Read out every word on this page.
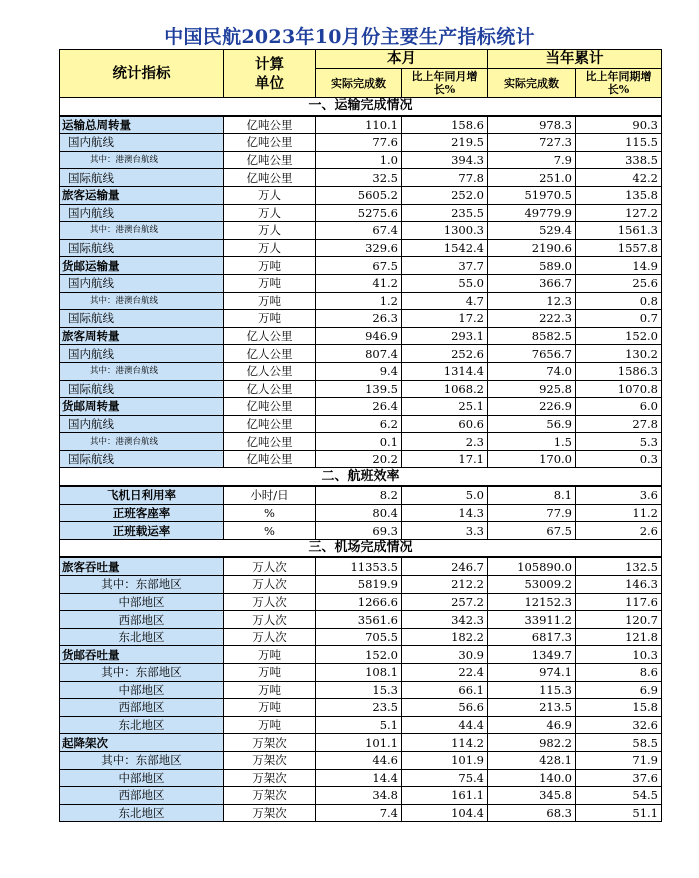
中国民航2023年10月份主要生产指标统计
统计指标	计算单位	本月		当年累计	
		实际完成数	比上年同月增长%	实际完成数	比上年同期增长%
一、运输完成情况					
运输总周转量	亿吨公里	110.1	158.6	978.3	90.3
国内航线	亿吨公里	77.6	219.5	727.3	115.5
其中：港澳台航线	亿吨公里	1.0	394.3	7.9	338.5
国际航线	亿吨公里	32.5	77.8	251.0	42.2
旅客运输量	万人	5605.2	252.0	51970.5	135.8
国内航线	万人	5275.6	235.5	49779.9	127.2
其中：港澳台航线	万人	67.4	1300.3	529.4	1561.3
国际航线	万人	329.6	1542.4	2190.6	1557.8
货邮运输量	万吨	67.5	37.7	589.0	14.9
国内航线	万吨	41.2	55.0	366.7	25.6
其中：港澳台航线	万吨	1.2	4.7	12.3	0.8
国际航线	万吨	26.3	17.2	222.3	0.7
旅客周转量	亿人公里	946.9	293.1	8582.5	152.0
国内航线	亿人公里	807.4	252.6	7656.7	130.2
其中：港澳台航线	亿人公里	9.4	1314.4	74.0	1586.3
国际航线	亿人公里	139.5	1068.2	925.8	1070.8
货邮周转量	亿吨公里	26.4	25.1	226.9	6.0
国内航线	亿吨公里	6.2	60.6	56.9	27.8
其中：港澳台航线	亿吨公里	0.1	2.3	1.5	5.3
国际航线	亿吨公里	20.2	17.1	170.0	0.3
二、航班效率					
飞机日利用率	小时/日	8.2	5.0	8.1	3.6
正班客座率	%	80.4	14.3	77.9	11.2
正班载运率	%	69.3	3.3	67.5	2.6
三、机场完成情况					
旅客吞吐量	万人次	11353.5	246.7	105890.0	132.5
其中：东部地区	万人次	5819.9	212.2	53009.2	146.3
中部地区	万人次	1266.6	257.2	12152.3	117.6
西部地区	万人次	3561.6	342.3	33911.2	120.7
东北地区	万人次	705.5	182.2	6817.3	121.8
货邮吞吐量	万吨	152.0	30.9	1349.7	10.3
其中：东部地区	万吨	108.1	22.4	974.1	8.6
中部地区	万吨	15.3	66.1	115.3	6.9
西部地区	万吨	23.5	56.6	213.5	15.8
东北地区	万吨	5.1	44.4	46.9	32.6
起降架次	万架次	101.1	114.2	982.2	58.5
其中：东部地区	万架次	44.6	101.9	428.1	71.9
中部地区	万架次	14.4	75.4	140.0	37.6
西部地区	万架次	34.8	161.1	345.8	54.5
东北地区	万架次	7.4	104.4	68.3	51.1
